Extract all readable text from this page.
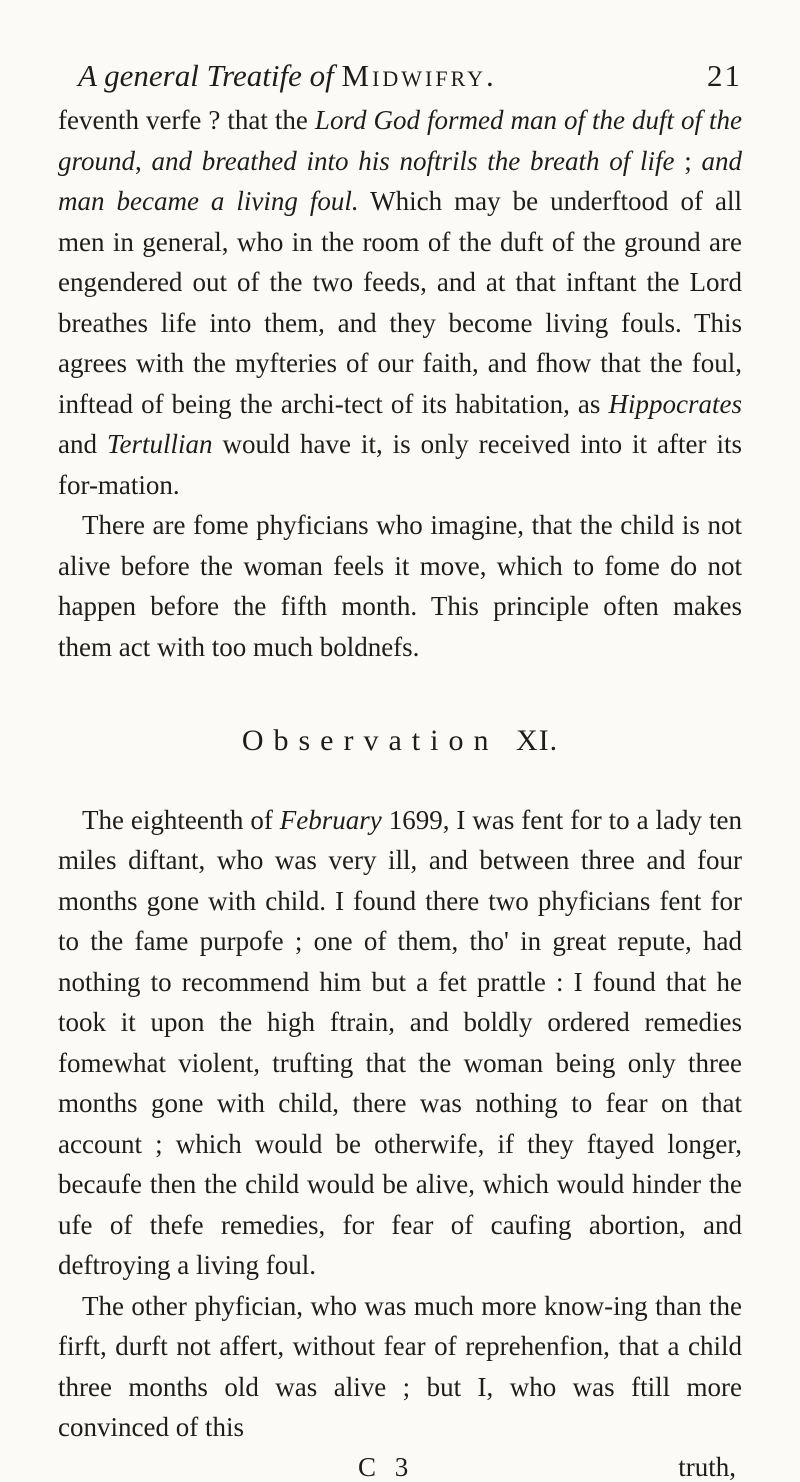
A general Treatife of Midwifry.	21

feventh verfe ? that the Lord God formed man of the duft of the ground, and breathed into his noftrils the breath of life ; and man became a living foul. Which may be underftood of all men in general, who in the room of the duft of the ground are engendered out of the two feeds, and at that inftant the Lord breathes life into them, and they become living fouls. This agrees with the myfteries of our faith, and fhow that the foul, inftead of being the archi-tect of its habitation, as Hippocrates and Tertullian would have it, is only received into it after its for-mation.

There are fome phyficians who imagine, that the child is not alive before the woman feels it move, which to fome do not happen before the fifth month. This principle often makes them act with too much boldnefs.

Observation XI.

The eighteenth of February 1699, I was fent for to a lady ten miles diftant, who was very ill, and between three and four months gone with child. I found there two phyficians fent for to the fame purpofe ; one of them, tho' in great repute, had nothing to recommend him but a fet prattle : I found that he took it upon the high ftrain, and boldly ordered remedies fomewhat violent, trufting that the woman being only three months gone with child, there was nothing to fear on that account ; which would be otherwife, if they ftayed longer, becaufe then the child would be alive, which would hinder the ufe of thefe remedies, for fear of caufing abortion, and deftroying a living foul.

The other phyfician, who was much more know-ing than the firft, durft not affert, without fear of reprehenfion, that a child three months old was alive ; but I, who was ftill more convinced of this

C 3	truth,
